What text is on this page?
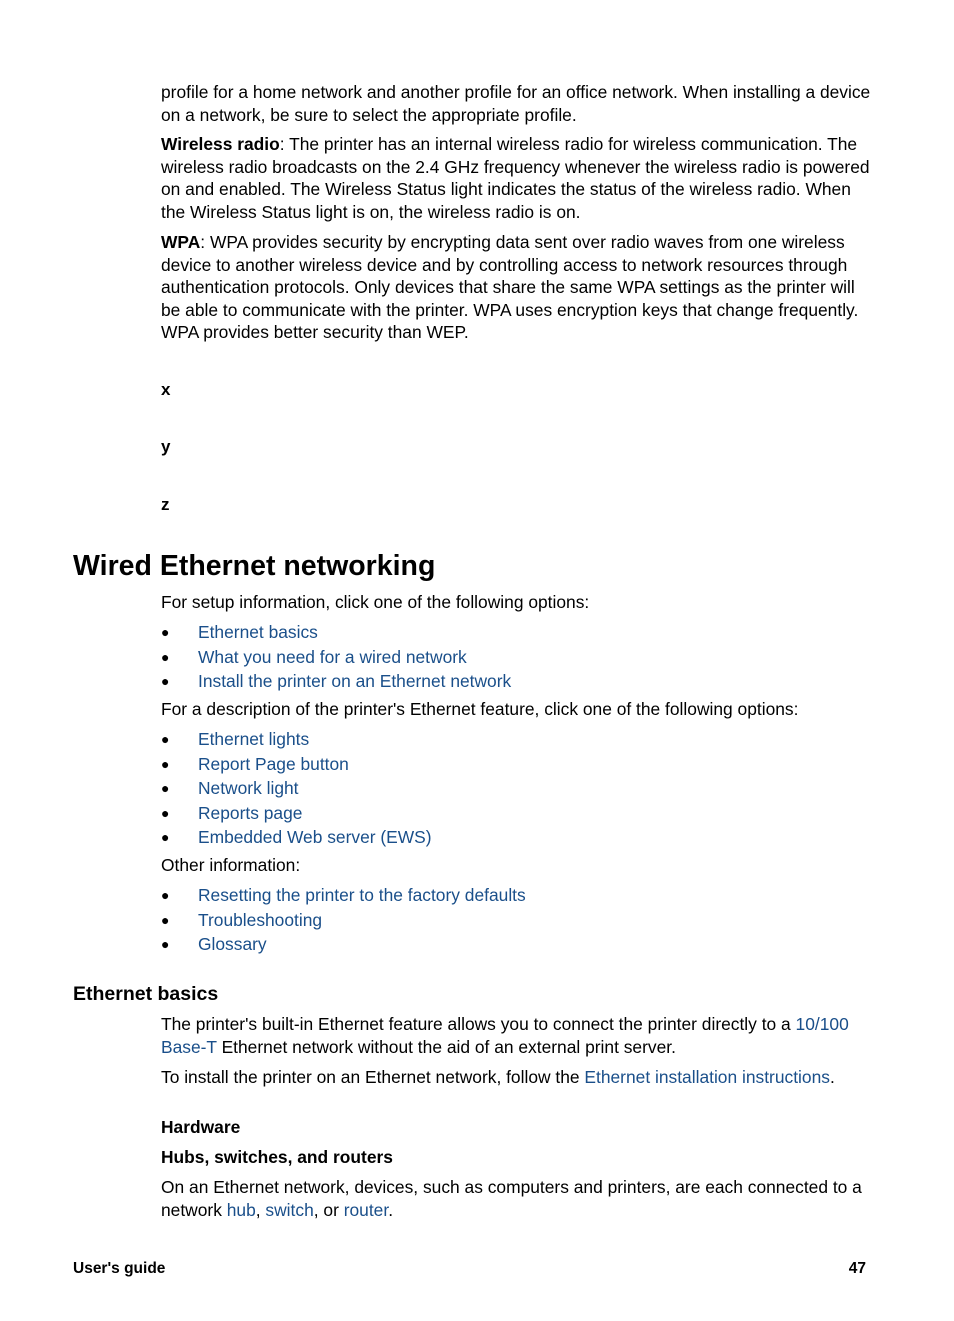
profile for a home network and another profile for an office network. When installing a device on a network, be sure to select the appropriate profile.

Wireless radio: The printer has an internal wireless radio for wireless communication. The wireless radio broadcasts on the 2.4 GHz frequency whenever the wireless radio is powered on and enabled. The Wireless Status light indicates the status of the wireless radio. When the Wireless Status light is on, the wireless radio is on.

WPA: WPA provides security by encrypting data sent over radio waves from one wireless device to another wireless device and by controlling access to network resources through authentication protocols. Only devices that share the same WPA settings as the printer will be able to communicate with the printer. WPA uses encryption keys that change frequently. WPA provides better security than WEP.

x
y
z
Wired Ethernet networking

For setup information, click one of the following options:

●	Ethernet basics
●	What you need for a wired network
●	Install the printer on an Ethernet network

For a description of the printer's Ethernet feature, click one of the following options:

●	Ethernet lights
●	Report Page button
●	Network light
●	Reports page
●	Embedded Web server (EWS)

Other information:

●	Resetting the printer to the factory defaults
●	Troubleshooting
●	Glossary
Ethernet basics

The printer's built-in Ethernet feature allows you to connect the printer directly to a 10/100 Base-T Ethernet network without the aid of an external print server.

To install the printer on an Ethernet network, follow the Ethernet installation instructions.

Hardware

Hubs, switches, and routers

On an Ethernet network, devices, such as computers and printers, are each connected to a network hub, switch, or router.

User's guide	47
